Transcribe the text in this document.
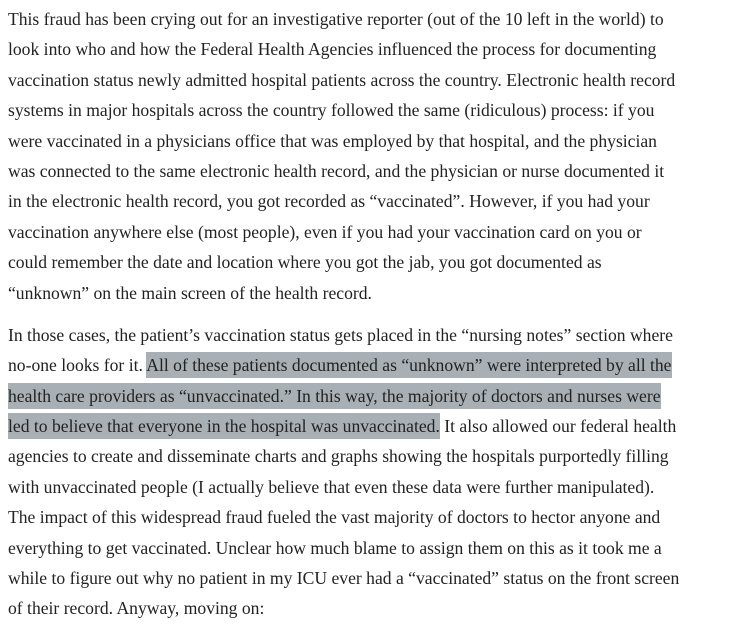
This fraud has been crying out for an investigative reporter (out of the 10 left in the world) to
look into who and how the Federal Health Agencies influenced the process for documenting
vaccination status newly admitted hospital patients across the country. Electronic health record
systems in major hospitals across the country followed the same (ridiculous) process: if you
were vaccinated in a physicians office that was employed by that hospital, and the physician
was connected to the same electronic health record, and the physician or nurse documented it
in the electronic health record, you got recorded as “vaccinated”. However, if you had your
vaccination anywhere else (most people), even if you had your vaccination card on you or
could remember the date and location where you got the jab, you got documented as
“unknown” on the main screen of the health record.

In those cases, the patient’s vaccination status gets placed in the “nursing notes” section where
no-one looks for it. All of these patients documented as “unknown” were interpreted by all the
health care providers as “unvaccinated.” In this way, the majority of doctors and nurses were
led to believe that everyone in the hospital was unvaccinated. It also allowed our federal health
agencies to create and disseminate charts and graphs showing the hospitals purportedly filling
with unvaccinated people (I actually believe that even these data were further manipulated).
The impact of this widespread fraud fueled the vast majority of doctors to hector anyone and
everything to get vaccinated. Unclear how much blame to assign them on this as it took me a
while to figure out why no patient in my ICU ever had a “vaccinated” status on the front screen
of their record. Anyway, moving on:
